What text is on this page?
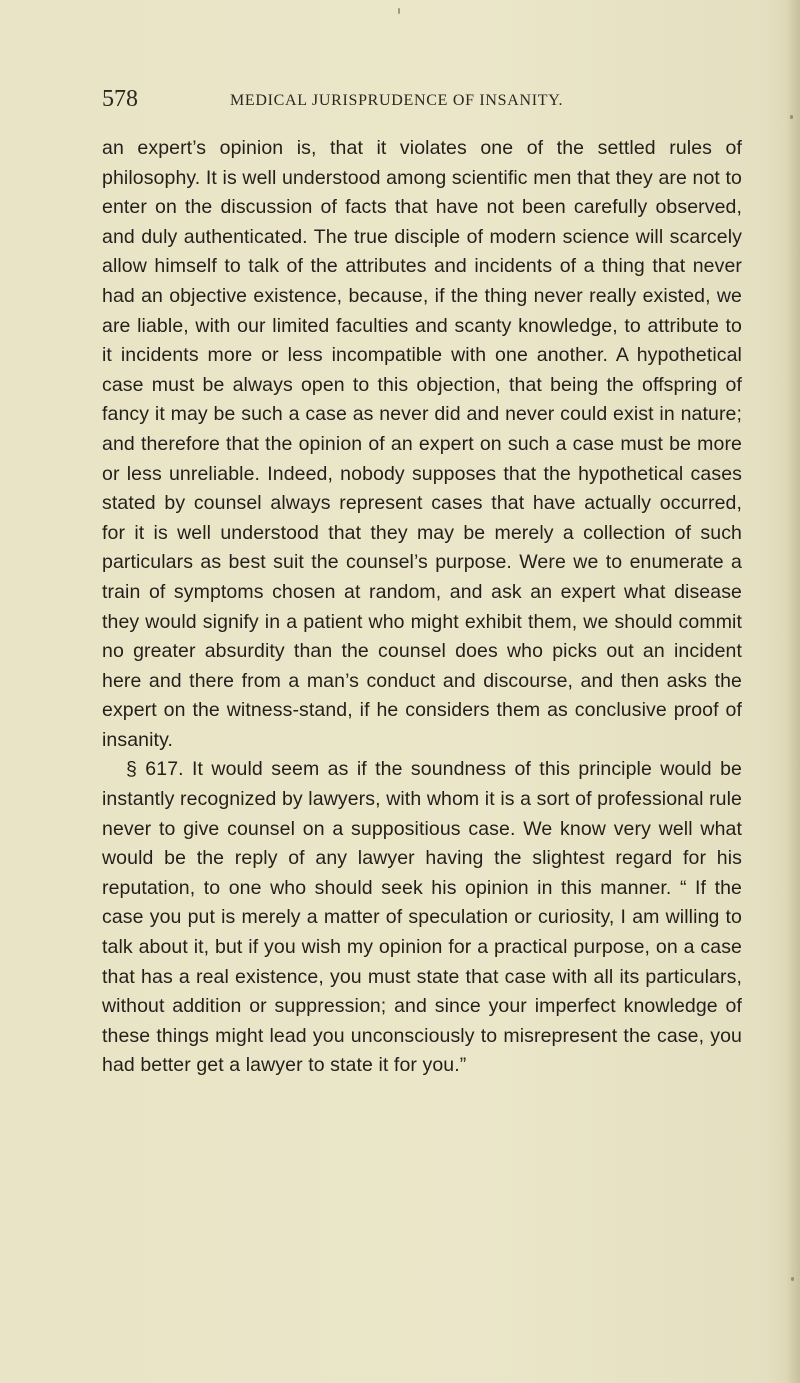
578	MEDICAL JURISPRUDENCE OF INSANITY.

an expert’s opinion is, that it violates one of the settled rules of philosophy. It is well understood among scientific men that they are not to enter on the discussion of facts that have not been carefully observed, and duly authenticated. The true disciple of modern science will scarcely allow himself to talk of the attributes and incidents of a thing that never had an objective existence, because, if the thing never really existed, we are liable, with our limited faculties and scanty knowledge, to attribute to it incidents more or less incompatible with one another. A hypothetical case must be always open to this objection, that being the offspring of fancy it may be such a case as never did and never could exist in nature; and therefore that the opinion of an expert on such a case must be more or less unreliable. Indeed, nobody supposes that the hypothetical cases stated by counsel always represent cases that have actually occurred, for it is well understood that they may be merely a collection of such particulars as best suit the counsel’s purpose. Were we to enumerate a train of symptoms chosen at random, and ask an expert what disease they would signify in a patient who might exhibit them, we should commit no greater absurdity than the counsel does who picks out an incident here and there from a man’s conduct and discourse, and then asks the expert on the witness-stand, if he considers them as conclusive proof of insanity.

§ 617. It would seem as if the soundness of this principle would be instantly recognized by lawyers, with whom it is a sort of professional rule never to give counsel on a suppositious case. We know very well what would be the reply of any lawyer having the slightest regard for his reputation, to one who should seek his opinion in this manner. “ If the case you put is merely a matter of speculation or curiosity, I am willing to talk about it, but if you wish my opinion for a practical purpose, on a case that has a real existence, you must state that case with all its particulars, without addition or suppression; and since your imperfect knowledge of these things might lead you unconsciously to misrepresent the case, you had better get a lawyer to state it for you.”
